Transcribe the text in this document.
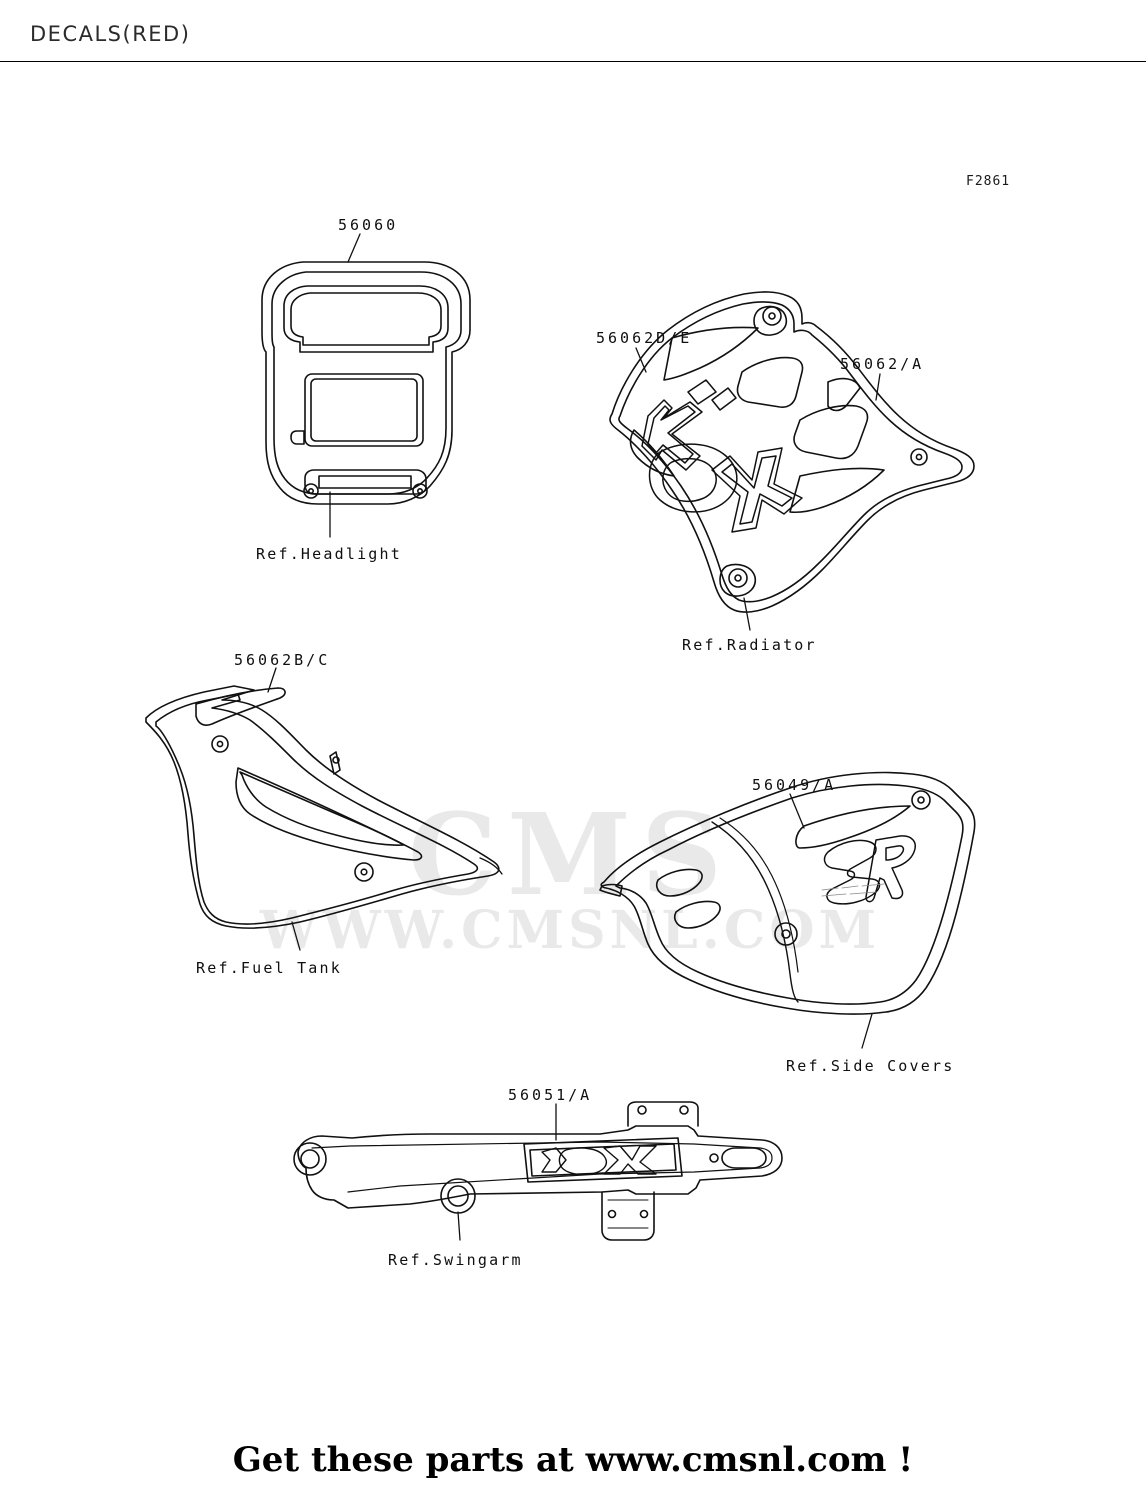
DECALS(RED)
F2861
CMS
WWW.CMSNL.COM
56060
56062D/E
56062/A
56062B/C
56049/A
56051/A
Ref.Headlight
Ref.Radiator
Ref.Fuel Tank
Ref.Side Covers
Ref.Swingarm
Get these parts at www.cmsnl.com !
